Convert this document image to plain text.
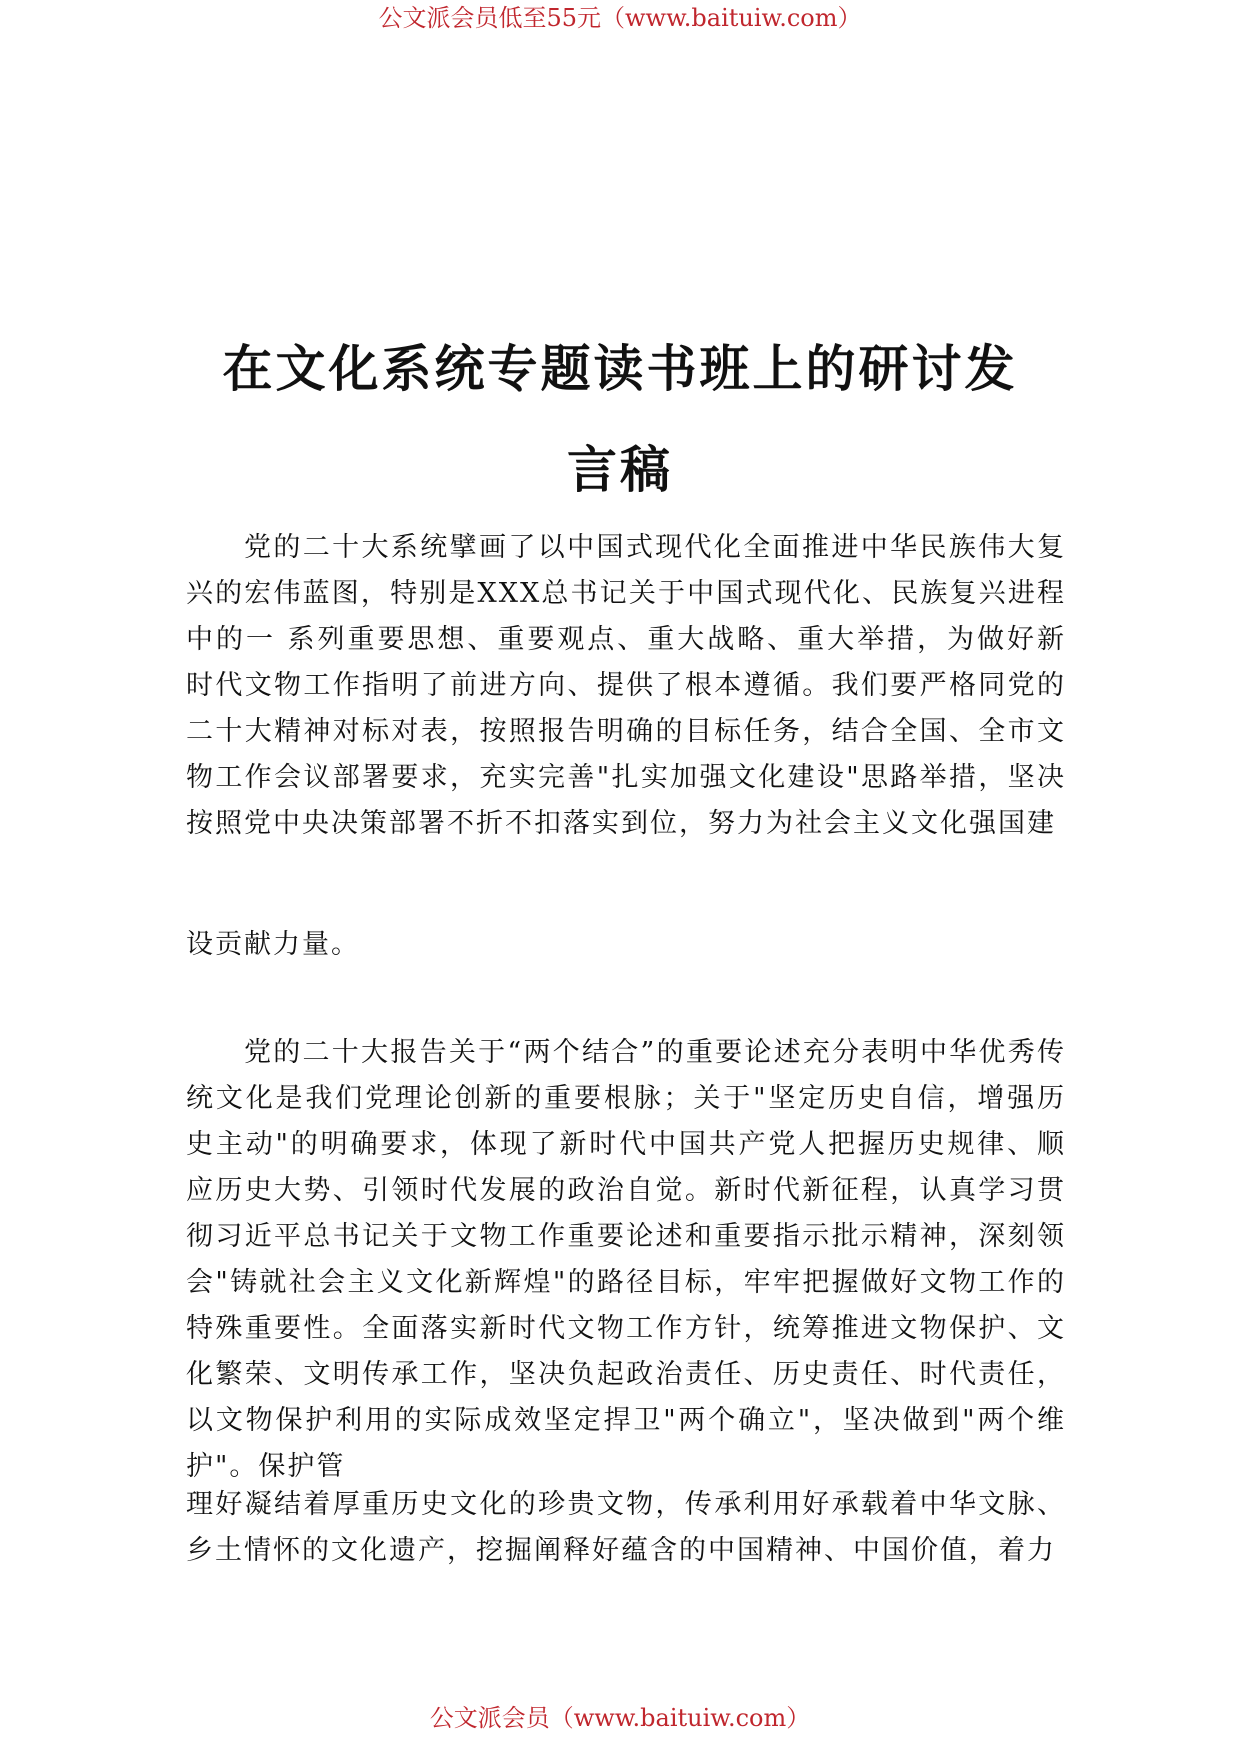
公文派会员低至55元（www.baituiw.com）
在文化系统专题读书班上的研讨发
言稿

党的二十大系统擘画了以中国式现代化全面推进中华民族伟大复兴的宏伟蓝图，特别是XXX总书记关于中国式现代化、民族复兴进程中的一 系列重要思想、重要观点、重大战略、重大举措，为做好新 时代文物工作指明了前进方向、提供了根本遵循。我们要严格同党的 二十大精神对标对表，按照报告明确的目标任务，结合全国、全市文 物工作会议部署要求，充实完善"扎实加强文化建设"思路举措，坚决 按照党中央决策部署不折不扣落实到位，努力为社会主义文化强国建

设贡献力量。

党的二十大报告关于“两个结合”的重要论述充分表明中华优秀传统文化是我们党理论创新的重要根脉；关于"坚定历史自信，增强历史主动"的明确要求，体现了新时代中国共产党人把握历史规律、顺应历史大势、引领时代发展的政治自觉。新时代新征程，认真学习贯彻习近平总书记关于文物工作重要论述和重要指示批示精神，深刻领会"铸就社会主义文化新辉煌"的路径目标，牢牢把握做好文物工作的特殊重要性。全面落实新时代文物工作方针，统筹推进文物保护、文化繁荣、文明传承工作，坚决负起政治责任、历史责任、时代责任，以文物保护利用的实际成效坚定捍卫"两个确立"，坚决做到"两个维护"。保护管

理好凝结着厚重历史文化的珍贵文物，传承利用好承载着中华文脉、乡土情怀的文化遗产，挖掘阐释好蕴含的中国精神、中国价值，着力

公文派会员（www.baituiw.com）
